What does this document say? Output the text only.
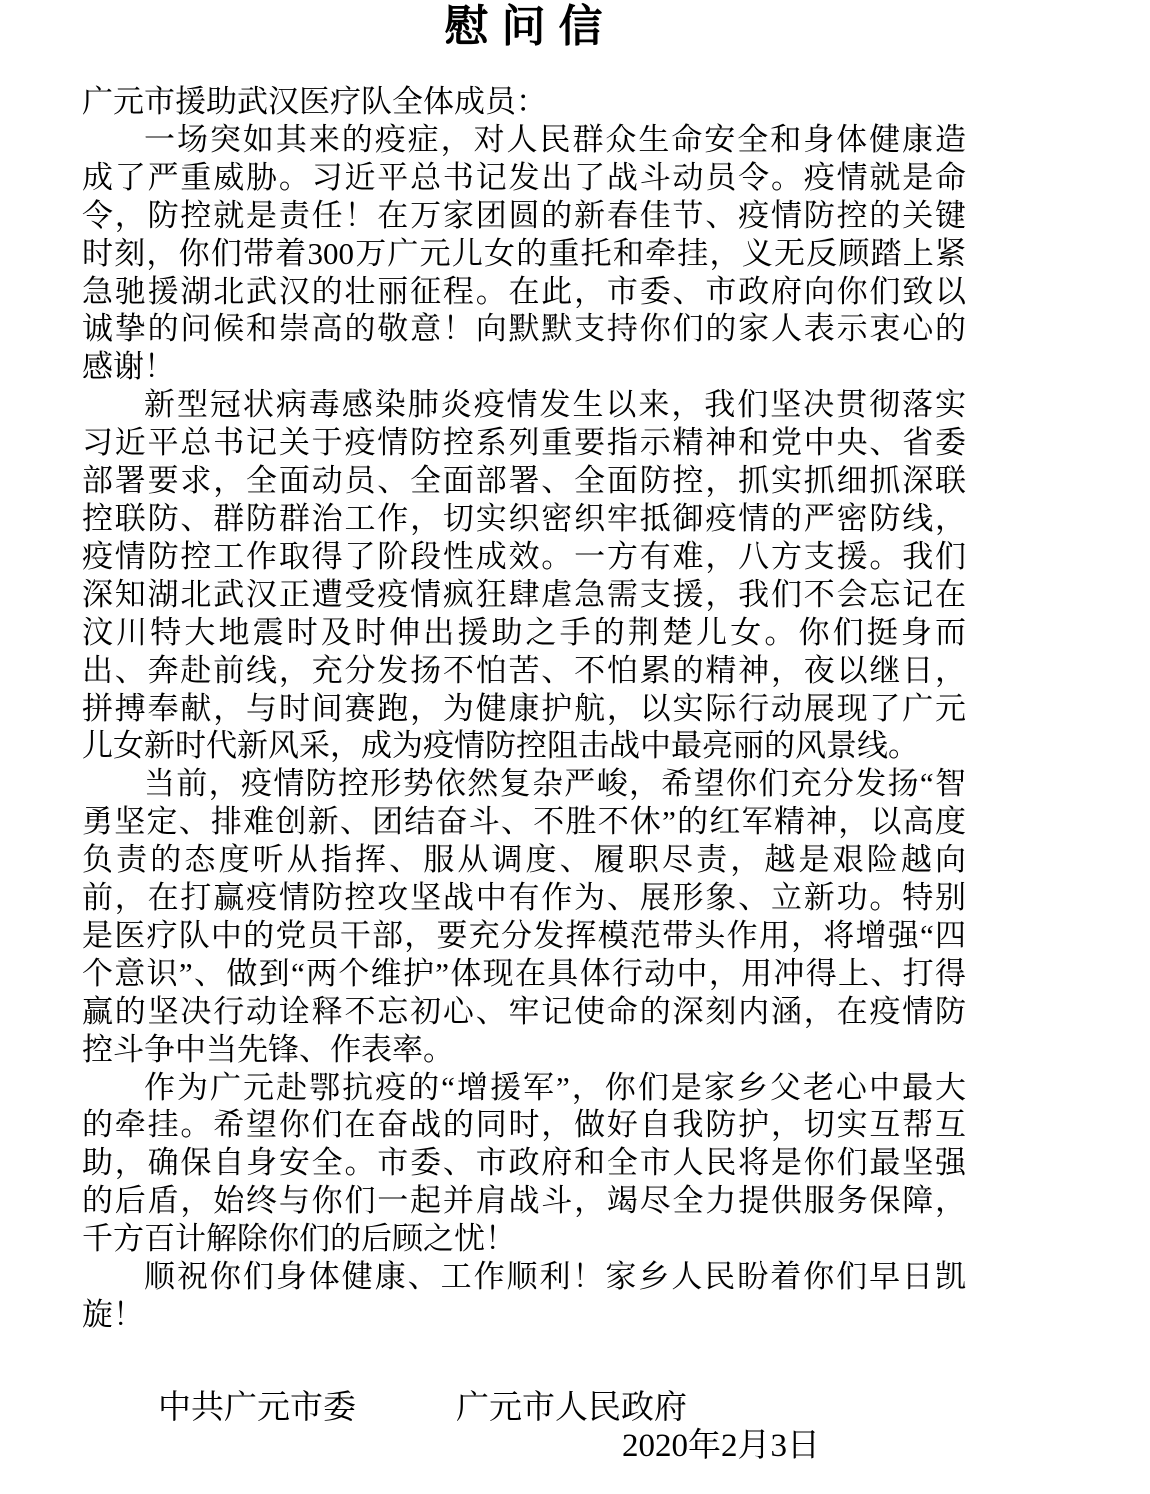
慰 问 信
广元市援助武汉医疗队全体成员：
一场突如其来的疫症，对人民群众生命安全和身体健康造
成了严重威胁。习近平总书记发出了战斗动员令。疫情就是命
令，防控就是责任！在万家团圆的新春佳节、疫情防控的关键
时刻，你们带着300万广元儿女的重托和牵挂，义无反顾踏上紧
急驰援湖北武汉的壮丽征程。在此，市委、市政府向你们致以
诚挚的问候和崇高的敬意！向默默支持你们的家人表示衷心的
感谢！
新型冠状病毒感染肺炎疫情发生以来，我们坚决贯彻落实
习近平总书记关于疫情防控系列重要指示精神和党中央、省委
部署要求，全面动员、全面部署、全面防控，抓实抓细抓深联
控联防、群防群治工作，切实织密织牢抵御疫情的严密防线，
疫情防控工作取得了阶段性成效。一方有难，八方支援。我们
深知湖北武汉正遭受疫情疯狂肆虐急需支援，我们不会忘记在
汶川特大地震时及时伸出援助之手的荆楚儿女。你们挺身而
出、奔赴前线，充分发扬不怕苦、不怕累的精神，夜以继日，
拼搏奉献，与时间赛跑，为健康护航，以实际行动展现了广元
儿女新时代新风采，成为疫情防控阻击战中最亮丽的风景线。
当前，疫情防控形势依然复杂严峻，希望你们充分发扬“智
勇坚定、排难创新、团结奋斗、不胜不休”的红军精神，以高度
负责的态度听从指挥、服从调度、履职尽责，越是艰险越向
前，在打赢疫情防控攻坚战中有作为、展形象、立新功。特别
是医疗队中的党员干部，要充分发挥模范带头作用，将增强“四
个意识”、做到“两个维护”体现在具体行动中，用冲得上、打得
赢的坚决行动诠释不忘初心、牢记使命的深刻内涵，在疫情防
控斗争中当先锋、作表率。
作为广元赴鄂抗疫的“增援军”，你们是家乡父老心中最大
的牵挂。希望你们在奋战的同时，做好自我防护，切实互帮互
助，确保自身安全。市委、市政府和全市人民将是你们最坚强
的后盾，始终与你们一起并肩战斗，竭尽全力提供服务保障，
千方百计解除你们的后顾之忧！
顺祝你们身体健康、工作顺利！家乡人民盼着你们早日凯
旋！
中共广元市委	广元市人民政府
2020年2月3日
